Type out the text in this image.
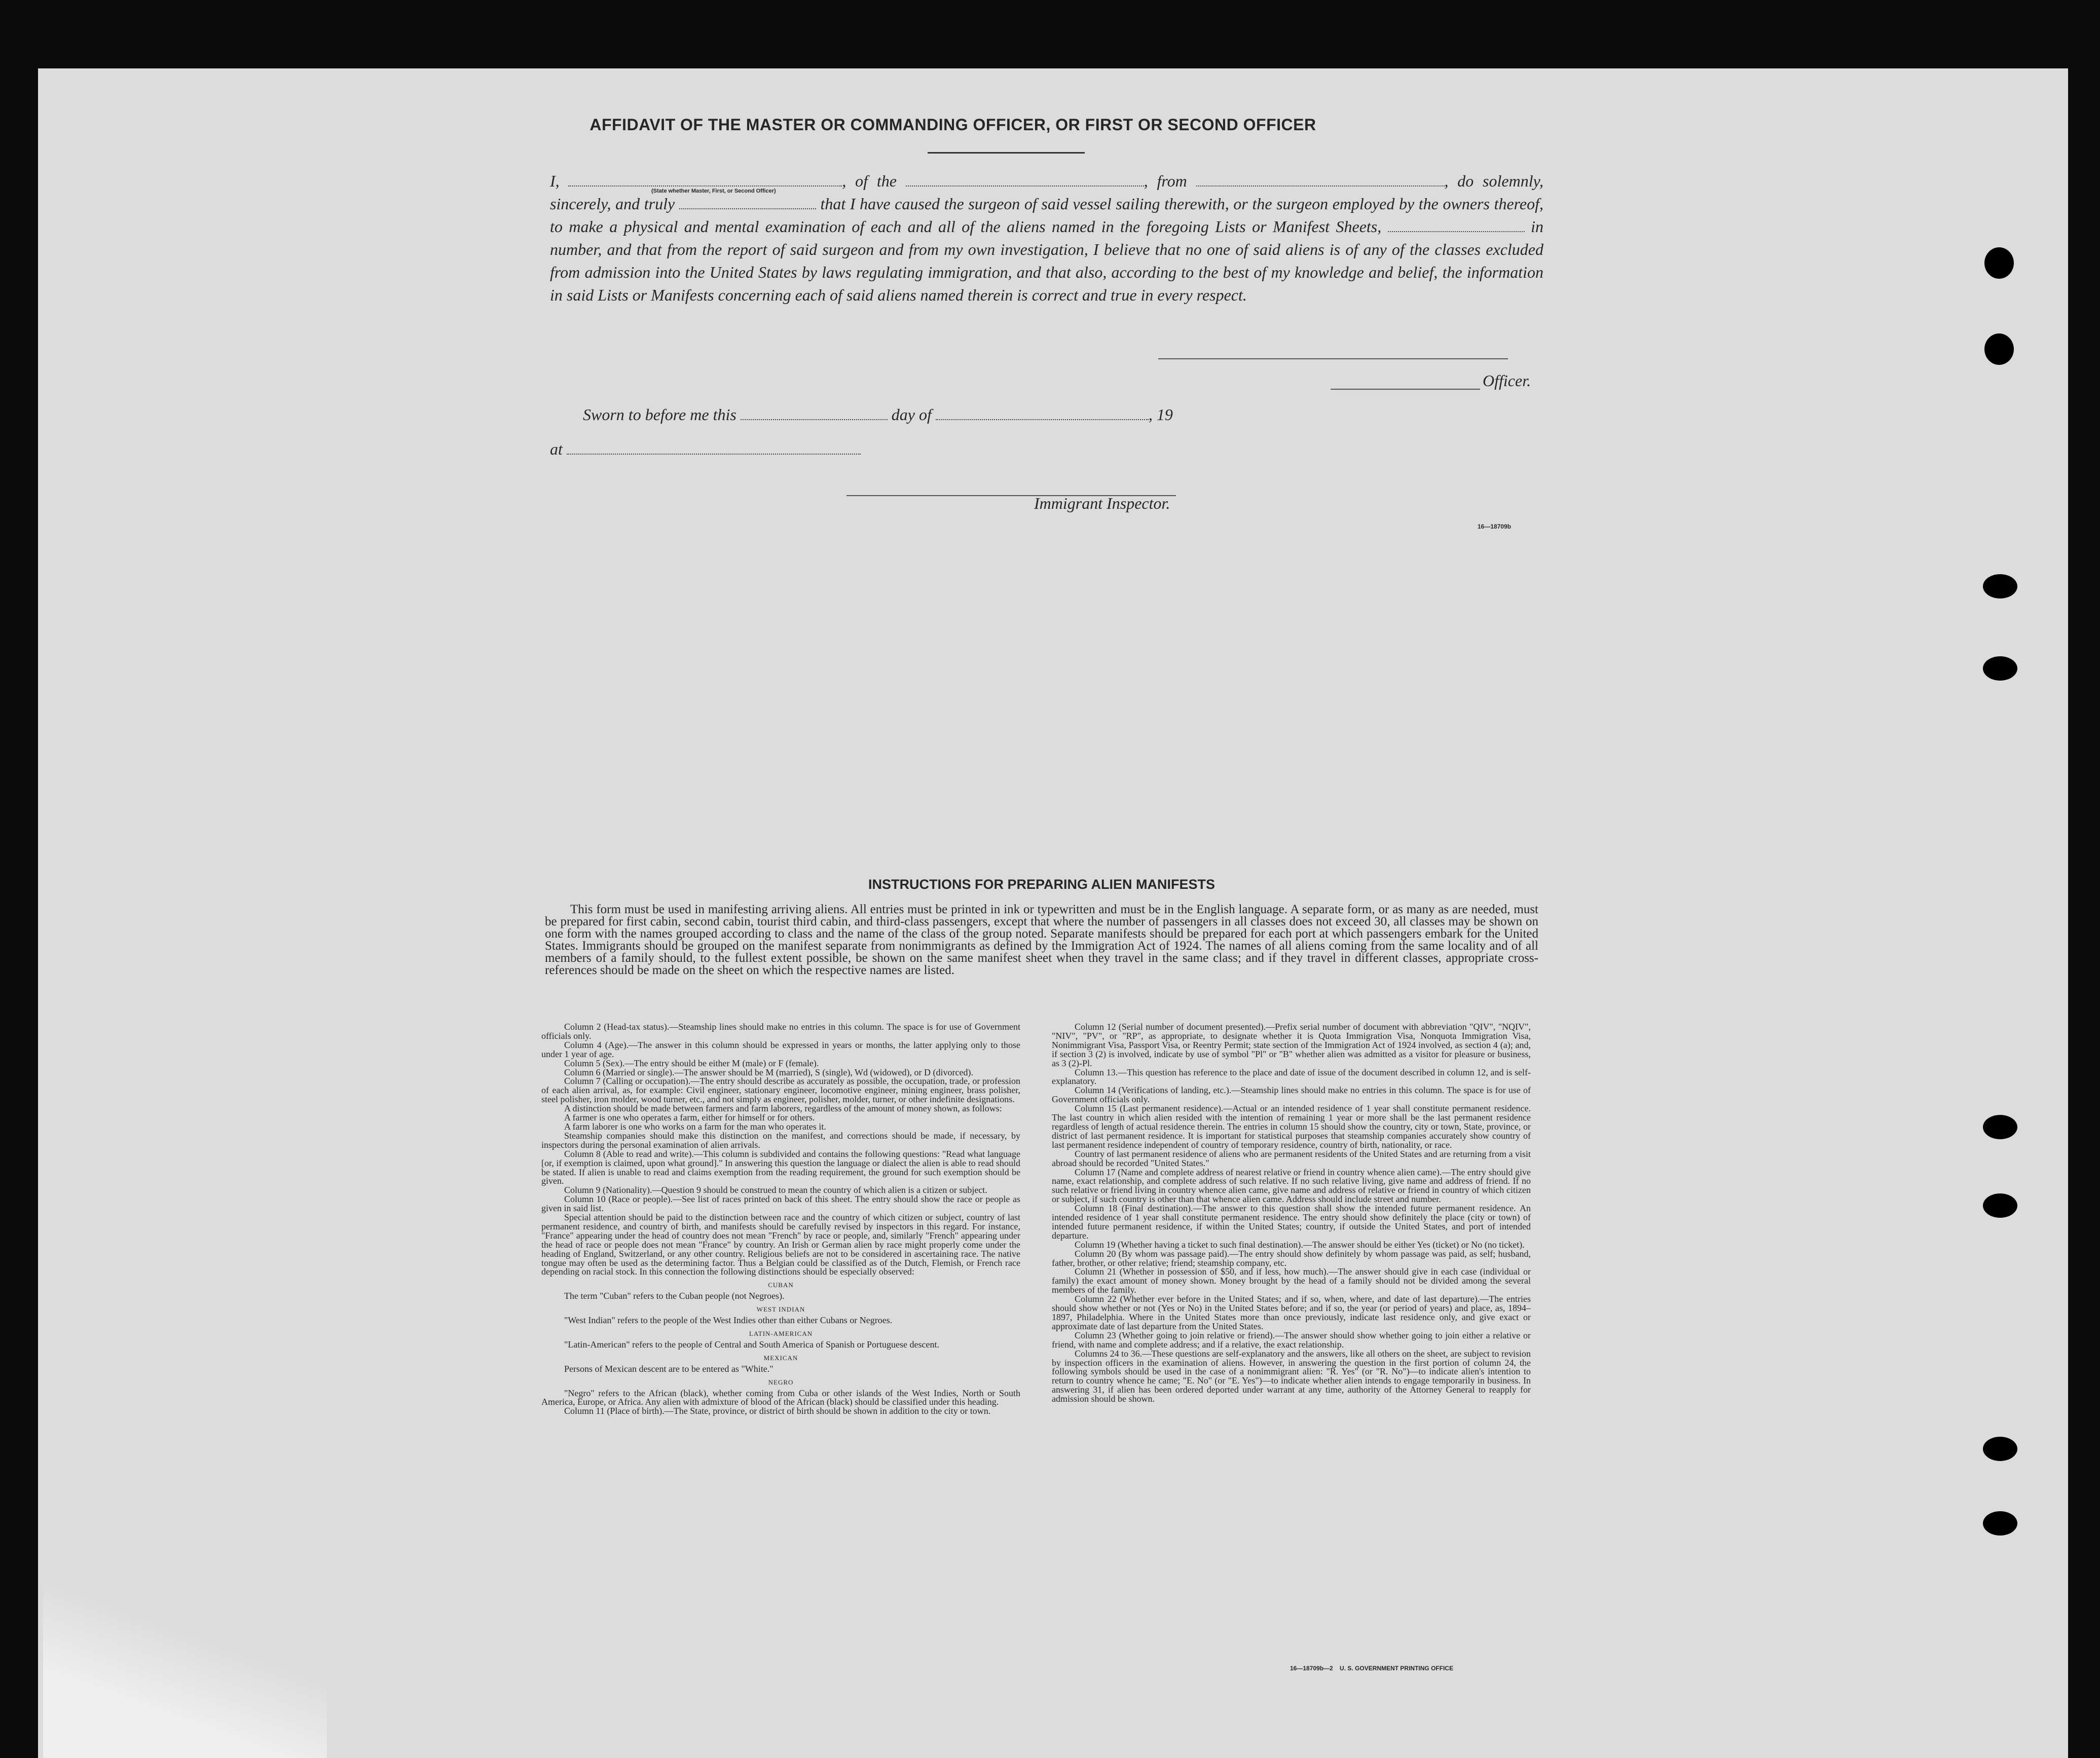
AFFIDAVIT OF THE MASTER OR COMMANDING OFFICER, OR FIRST OR SECOND OFFICER
I,	, of the	, from	, do solemnly, sincerely, and truly	that I have caused the surgeon of said vessel sailing therewith, or the surgeon employed by the owners thereof, to make a physical and mental examination of each and all of the aliens named in the foregoing Lists or Manifest Sheets,	in number, and that from the report of said surgeon and from my own investigation, I believe that no one of said aliens is of any of the classes excluded from admission into the United States by laws regulating immigration, and that also, according to the best of my knowledge and belief, the information in said Lists or Manifests concerning each of said aliens named therein is correct and true in every respect.
(State whether Master, First, or Second Officer)
Officer.
Sworn to before me this	day of	, 19
at
Immigrant Inspector.
16—18709b
INSTRUCTIONS FOR PREPARING ALIEN MANIFESTS
This form must be used in manifesting arriving aliens. All entries must be printed in ink or typewritten and must be in the English language. A separate form, or as many as are needed, must be prepared for first cabin, second cabin, tourist third cabin, and third-class passengers, except that where the number of passengers in all classes does not exceed 30, all classes may be shown on one form with the names grouped according to class and the name of the class of the group noted. Separate manifests should be prepared for each port at which passengers embark for the United States. Immigrants should be grouped on the manifest separate from nonimmigrants as defined by the Immigration Act of 1924. The names of all aliens coming from the same locality and of all members of a family should, to the fullest extent possible, be shown on the same manifest sheet when they travel in the same class; and if they travel in different classes, appropriate cross-references should be made on the sheet on which the respective names are listed.

Column 2 (Head-tax status).—Steamship lines should make no entries in this column. The space is for use of Government officials only.

Column 4 (Age).—The answer in this column should be expressed in years or months, the latter applying only to those under 1 year of age.

Column 5 (Sex).—The entry should be either M (male) or F (female).

Column 6 (Married or single).—The answer should be M (married), S (single), Wd (widowed), or D (divorced).

Column 7 (Calling or occupation).—The entry should describe as accurately as possible, the occupation, trade, or profession of each alien arrival, as, for example: Civil engineer, stationary engineer, locomotive engineer, mining engineer, brass polisher, steel polisher, iron molder, wood turner, etc., and not simply as engineer, polisher, molder, turner, or other indefinite designations.

A distinction should be made between farmers and farm laborers, regardless of the amount of money shown, as follows:

A farmer is one who operates a farm, either for himself or for others.

A farm laborer is one who works on a farm for the man who operates it.

Steamship companies should make this distinction on the manifest, and corrections should be made, if necessary, by inspectors during the personal examination of alien arrivals.

Column 8 (Able to read and write).—This column is subdivided and contains the following questions: "Read what language [or, if exemption is claimed, upon what ground]." In answering this question the language or dialect the alien is able to read should be stated. If alien is unable to read and claims exemption from the reading requirement, the ground for such exemption should be given.

Column 9 (Nationality).—Question 9 should be construed to mean the country of which alien is a citizen or subject.

Column 10 (Race or people).—See list of races printed on back of this sheet. The entry should show the race or people as given in said list.

Special attention should be paid to the distinction between race and the country of which citizen or subject, country of last permanent residence, and country of birth, and manifests should be carefully revised by inspectors in this regard. For instance, "France" appearing under the head of country does not mean "French" by race or people, and, similarly "French" appearing under the head of race or people does not mean "France" by country. An Irish or German alien by race might properly come under the heading of England, Switzerland, or any other country. Religious beliefs are not to be considered in ascertaining race. The native tongue may often be used as the determining factor. Thus a Belgian could be classified as of the Dutch, Flemish, or French race depending on racial stock. In this connection the following distinctions should be especially observed:

CUBAN

The term "Cuban" refers to the Cuban people (not Negroes).

WEST INDIAN

"West Indian" refers to the people of the West Indies other than either Cubans or Negroes.

LATIN-AMERICAN

"Latin-American" refers to the people of Central and South America of Spanish or Portuguese descent.

MEXICAN

Persons of Mexican descent are to be entered as "White."

NEGRO

"Negro" refers to the African (black), whether coming from Cuba or other islands of the West Indies, North or South America, Europe, or Africa. Any alien with admixture of blood of the African (black) should be classified under this heading.

Column 11 (Place of birth).—The State, province, or district of birth should be shown in addition to the city or town.

Column 12 (Serial number of document presented).—Prefix serial number of document with abbreviation "QIV", "NQIV", "NIV", "PV", or "RP", as appropriate, to designate whether it is Quota Immigration Visa, Nonquota Immigration Visa, Nonimmigrant Visa, Passport Visa, or Reentry Permit; state section of the Immigration Act of 1924 involved, as section 4 (a); and, if section 3 (2) is involved, indicate by use of symbol "Pl" or "B" whether alien was admitted as a visitor for pleasure or business, as 3 (2)-Pl.

Column 13.—This question has reference to the place and date of issue of the document described in column 12, and is self-explanatory.

Column 14 (Verifications of landing, etc.).—Steamship lines should make no entries in this column. The space is for use of Government officials only.

Column 15 (Last permanent residence).—Actual or an intended residence of 1 year shall constitute permanent residence. The last country in which alien resided with the intention of remaining 1 year or more shall be the last permanent residence regardless of length of actual residence therein. The entries in column 15 should show the country, city or town, State, province, or district of last permanent residence. It is important for statistical purposes that steamship companies accurately show country of last permanent residence independent of country of temporary residence, country of birth, nationality, or race.

Country of last permanent residence of aliens who are permanent residents of the United States and are returning from a visit abroad should be recorded "United States."

Column 17 (Name and complete address of nearest relative or friend in country whence alien came).—The entry should give name, exact relationship, and complete address of such relative. If no such relative living, give name and address of friend. If no such relative or friend living in country whence alien came, give name and address of relative or friend in country of which citizen or subject, if such country is other than that whence alien came. Address should include street and number.

Column 18 (Final destination).—The answer to this question shall show the intended future permanent residence. An intended residence of 1 year shall constitute permanent residence. The entry should show definitely the place (city or town) of intended future permanent residence, if within the United States; country, if outside the United States, and port of intended departure.

Column 19 (Whether having a ticket to such final destination).—The answer should be either Yes (ticket) or No (no ticket).

Column 20 (By whom was passage paid).—The entry should show definitely by whom passage was paid, as self; husband, father, brother, or other relative; friend; steamship company, etc.

Column 21 (Whether in possession of $50, and if less, how much).—The answer should give in each case (individual or family) the exact amount of money shown. Money brought by the head of a family should not be divided among the several members of the family.

Column 22 (Whether ever before in the United States; and if so, when, where, and date of last departure).—The entries should show whether or not (Yes or No) in the United States before; and if so, the year (or period of years) and place, as, 1894–1897, Philadelphia. Where in the United States more than once previously, indicate last residence only, and give exact or approximate date of last departure from the United States.

Column 23 (Whether going to join relative or friend).—The answer should show whether going to join either a relative or friend, with name and complete address; and if a relative, the exact relationship.

Columns 24 to 36.—These questions are self-explanatory and the answers, like all others on the sheet, are subject to revision by inspection officers in the examination of aliens. However, in answering the question in the first portion of column 24, the following symbols should be used in the case of a nonimmigrant alien: "R. Yes" (or "R. No")—to indicate alien's intention to return to country whence he came; "E. No" (or "E. Yes")—to indicate whether alien intends to engage temporarily in business. In answering 31, if alien has been ordered deported under warrant at any time, authority of the Attorney General to reapply for admission should be shown.

16—18709b—2    U. S. GOVERNMENT PRINTING OFFICE
